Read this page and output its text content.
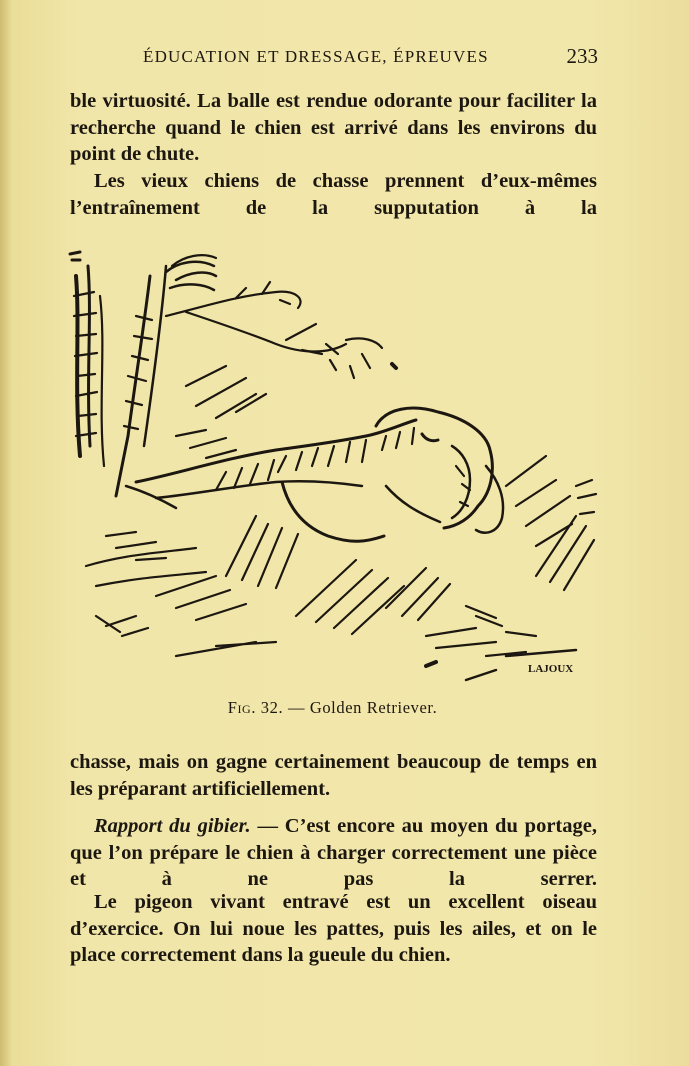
ÉDUCATION ET DRESSAGE, ÉPREUVES	233

ble virtuosité. La balle est rendue odorante pour faciliter la recherche quand le chien est arrivé dans les environs du point de chute.

Les vieux chiens de chasse prennent d’eux-mêmes l’entraînement de la supputation à la

LAJOUX
Fig. 32. — Golden Retriever.

chasse, mais on gagne certainement beaucoup de temps en les préparant artificiellement.

Rapport du gibier. — C’est encore au moyen du portage, que l’on prépare le chien à charger correctement une pièce et à ne pas la serrer.

Le pigeon vivant entravé est un excellent oiseau d’exercice. On lui noue les pattes, puis les ailes, et on le place correctement dans la gueule du chien.
